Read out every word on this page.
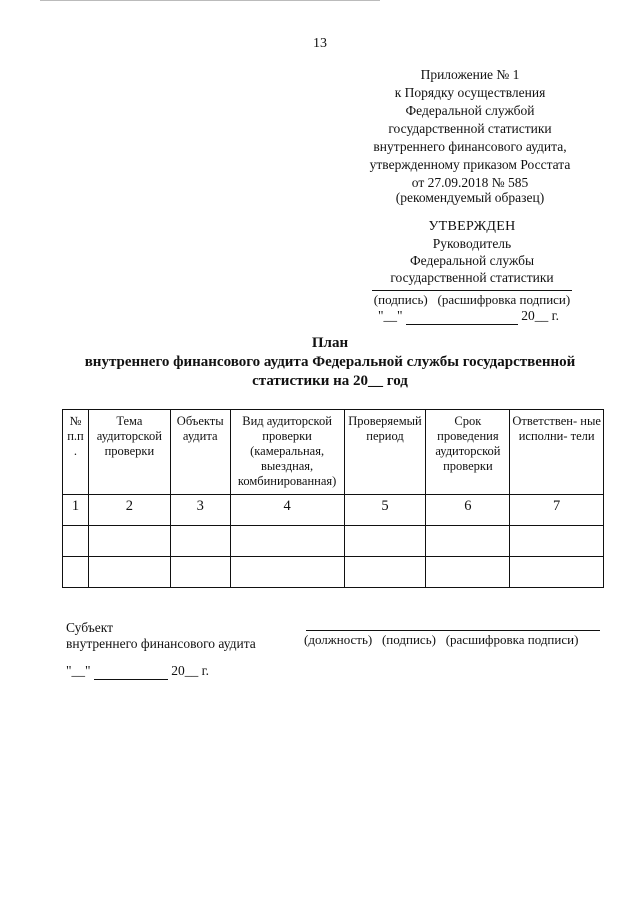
13
Приложение № 1
к Порядку осуществления
Федеральной службой
государственной статистики
внутреннего финансового аудита,
утвержденному приказом Росстата
от 27.09.2018 № 585
(рекомендуемый образец)
УТВЕРЖДЕН
Руководитель
Федеральной службы
государственной статистики
(подпись)   (расшифровка подписи)
"__"	20__ г.
План
внутреннего финансового аудита Федеральной службы государственной
статистики на 20__ год
№ п.п .	Тема аудиторской проверки	Объекты аудита	Вид аудиторской проверки (камеральная, выездная, комбинированная)	Проверяемый период	Срок проведения аудиторской проверки	Ответствен- ные исполни- тели
1	2	3	4	5	6	7

Субъект
внутреннего финансового аудита	(должность)   (подпись)   (расшифровка подписи)
"__"	20__ г.
